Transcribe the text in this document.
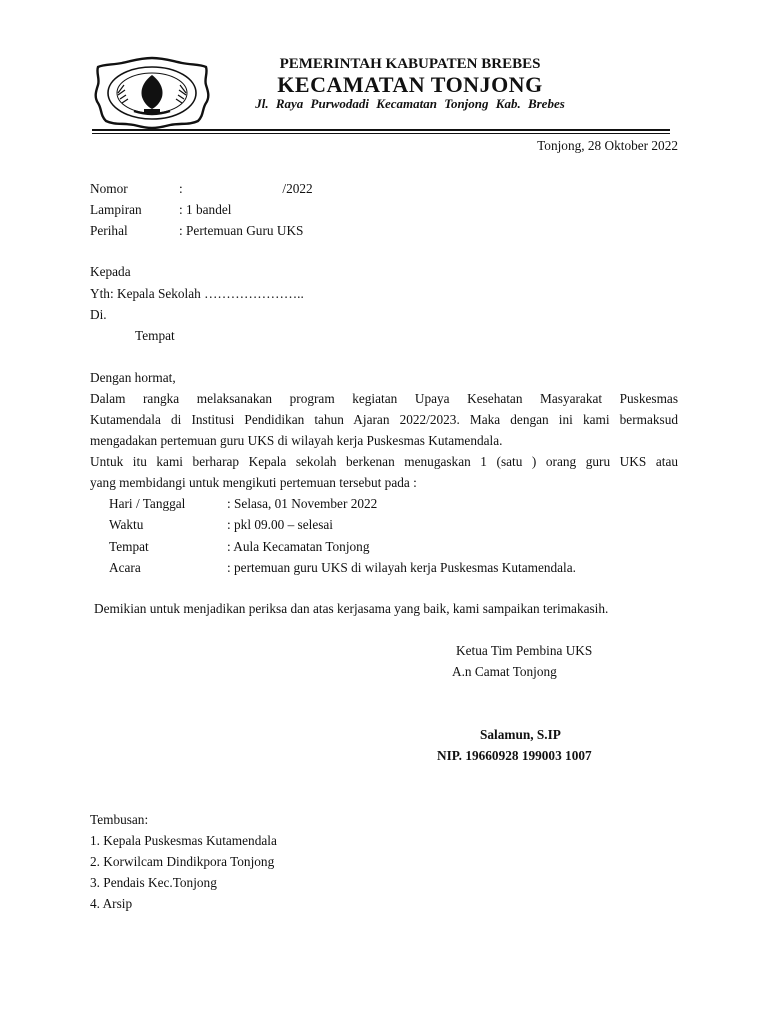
PEMERINTAH KABUPATEN BREBES
KECAMATAN TONJONG
Jl. Raya Purwodadi Kecamatan Tonjong Kab. Brebes
Tonjong, 28 Oktober 2022
Nomor	:                              /2022
Lampiran	: 1 bandel
Perihal	: Pertemuan Guru UKS
Kepada
Yth: Kepala Sekolah …………………..
Di.
Tempat
Dengan hormat,
Dalam rangka melaksanakan program kegiatan Upaya Kesehatan Masyarakat Puskesmas
Kutamendala di Institusi Pendidikan tahun Ajaran 2022/2023. Maka dengan ini kami bermaksud
mengadakan pertemuan guru UKS di wilayah kerja Puskesmas Kutamendala.
Untuk itu kami berharap Kepala sekolah berkenan menugaskan 1 (satu ) orang guru UKS atau
yang membidangi untuk mengikuti pertemuan tersebut pada :
Hari / Tanggal	: Selasa, 01 November 2022
Waktu	: pkl 09.00 – selesai
Tempat	: Aula Kecamatan Tonjong
Acara	: pertemuan guru UKS di wilayah kerja Puskesmas Kutamendala.
Demikian untuk menjadikan periksa dan atas kerjasama yang baik, kami sampaikan terimakasih.
Ketua Tim Pembina UKS
A.n Camat Tonjong
Salamun, S.IP
NIP. 19660928 199003 1007
Tembusan:
1. Kepala Puskesmas Kutamendala
2. Korwilcam Dindikpora Tonjong
3. Pendais Kec.Tonjong
4. Arsip
